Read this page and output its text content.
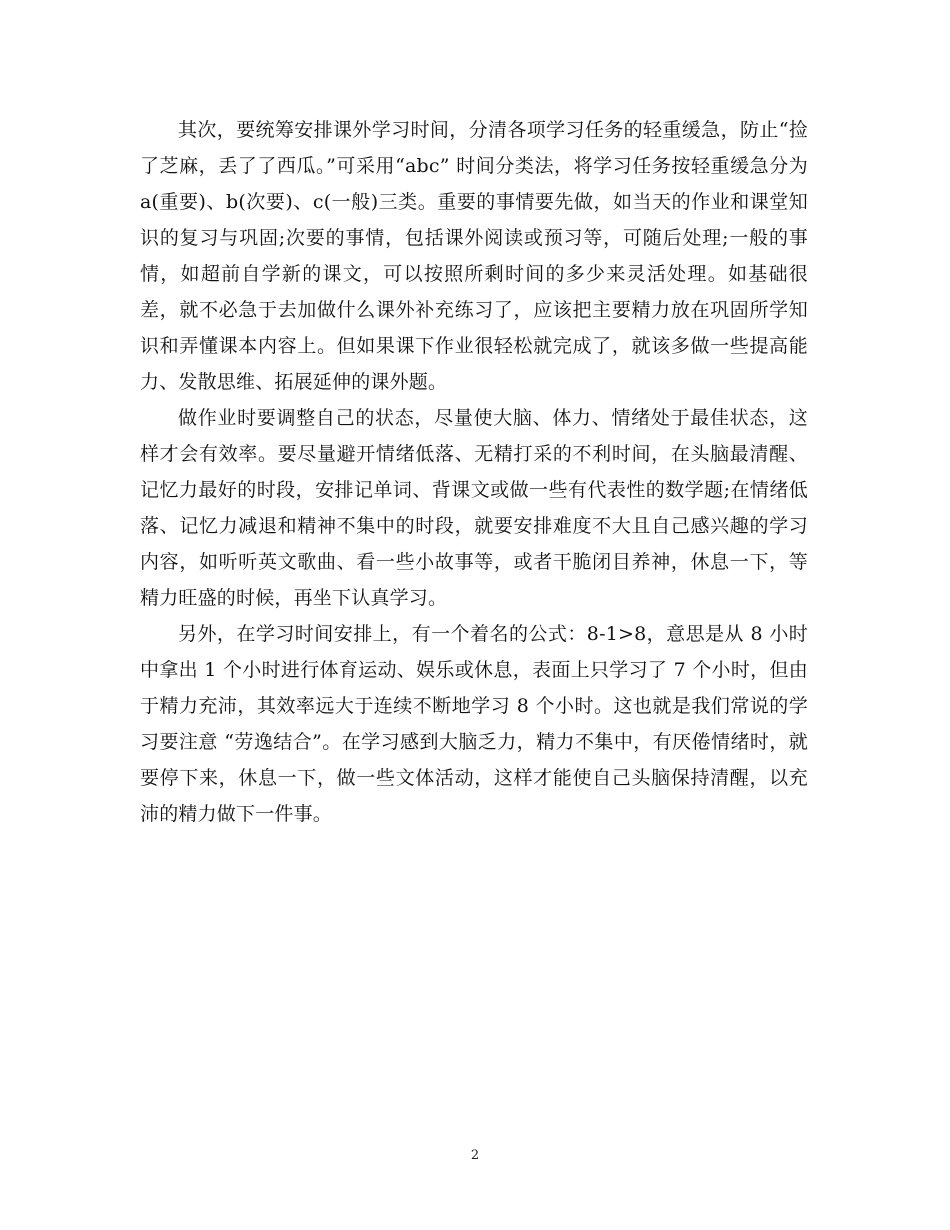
其次，要统筹安排课外学习时间，分清各项学习任务的轻重缓急，防止“捡了芝麻，丢了了西瓜。”可采用“abc” 时间分类法，将学习任务按轻重缓急分为 a(重要)、b(次要)、c(一般)三类。重要的事情要先做，如当天的作业和课堂知识的复习与巩固;次要的事情，包括课外阅读或预习等，可随后处理;一般的事情，如超前自学新的课文，可以按照所剩时间的多少来灵活处理。如基础很差，就不必急于去加做什么课外补充练习了，应该把主要精力放在巩固所学知识和弄懂课本内容上。但如果课下作业很轻松就完成了，就该多做一些提高能力、发散思维、拓展延伸的课外题。

做作业时要调整自己的状态，尽量使大脑、体力、情绪处于最佳状态，这样才会有效率。要尽量避开情绪低落、无精打采的不利时间，在头脑最清醒、记忆力最好的时段，安排记单词、背课文或做一些有代表性的数学题;在情绪低落、记忆力减退和精神不集中的时段，就要安排难度不大且自己感兴趣的学习内容，如听听英文歌曲、看一些小故事等，或者干脆闭目养神，休息一下，等精力旺盛的时候，再坐下认真学习。

另外，在学习时间安排上，有一个着名的公式：8-1>8，意思是从 8 小时中拿出 1 个小时进行体育运动、娱乐或休息，表面上只学习了 7 个小时，但由于精力充沛，其效率远大于连续不断地学习 8 个小时。这也就是我们常说的学习要注意 “劳逸结合”。在学习感到大脑乏力，精力不集中，有厌倦情绪时，就要停下来，休息一下，做一些文体活动，这样才能使自己头脑保持清醒，以充沛的精力做下一件事。

2
